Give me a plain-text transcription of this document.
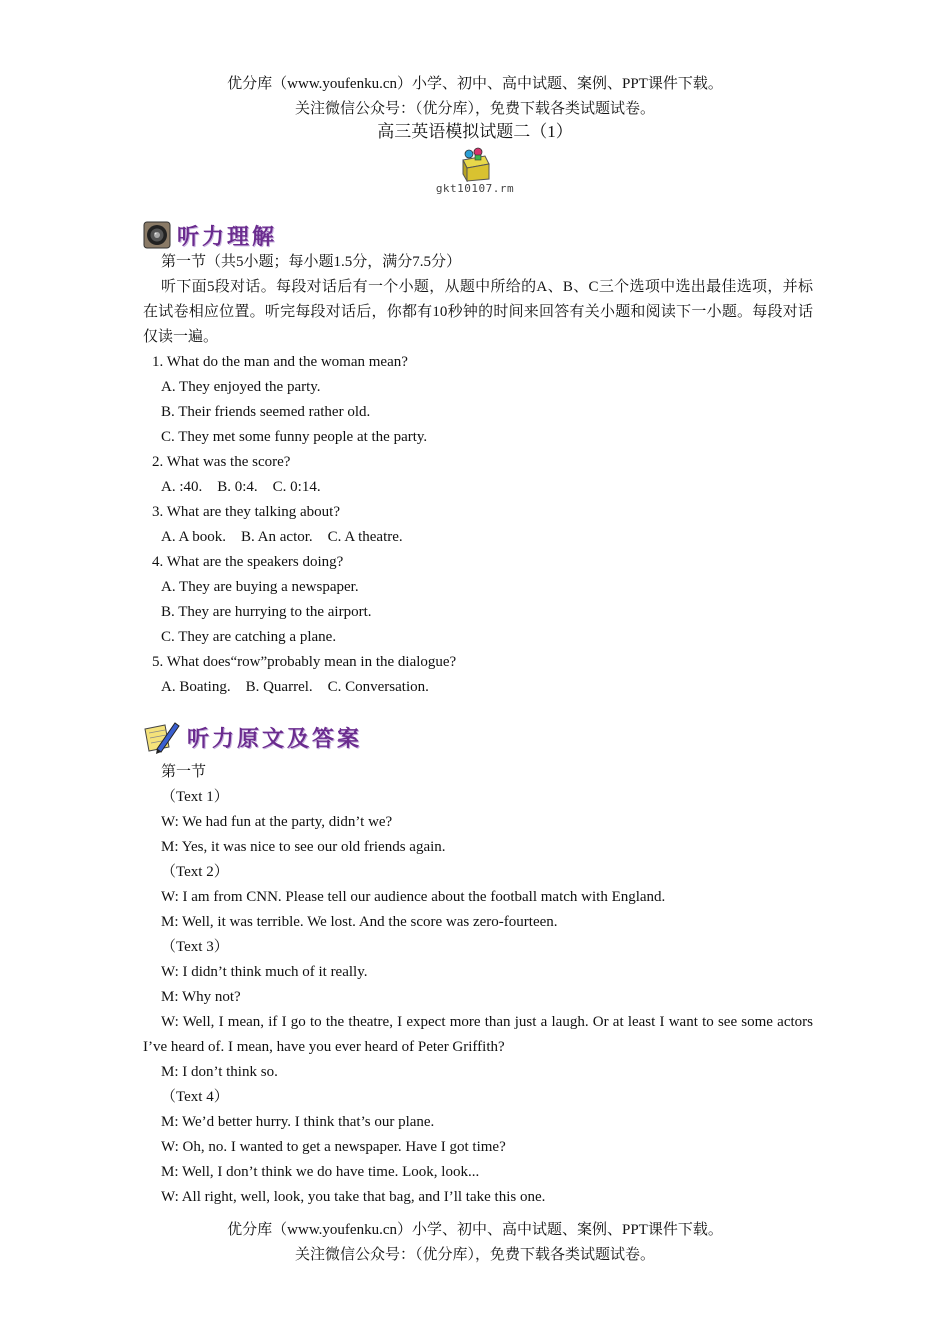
优分库（www.youfenku.cn）小学、初中、高中试题、案例、PPT课件下载。
关注微信公众号：（优分库），免费下载各类试题试卷。
高三英语模拟试题二（1）
gkt10107.rm
听力理解
第一节（共5小题；每小题1.5分，满分7.5分）
听下面5段对话。每段对话后有一个小题，从题中所给的A、B、C三个选项中选出最佳选项，并标在试卷相应位置。听完每段对话后，你都有10秒钟的时间来回答有关小题和阅读下一小题。每段对话仅读一遍。
1. What do the man and the woman mean?
A. They enjoyed the party.
B. Their friends seemed rather old.
C. They met some funny people at the party.
2. What was the score?
A. :40.    B. 0:4.    C. 0:14.
3. What are they talking about?
A. A book.    B. An actor.    C. A theatre.
4. What are the speakers doing?
A. They are buying a newspaper.
B. They are hurrying to the airport.
C. They are catching a plane.
5. What does“row”probably mean in the dialogue?
A. Boating.    B. Quarrel.    C. Conversation.
听力原文及答案
第一节
（Text 1）
W: We had fun at the party, didn’t we?
M: Yes, it was nice to see our old friends again.
（Text 2）
W: I am from CNN. Please tell our audience about the football match with England.
M: Well, it was terrible. We lost. And the score was zero-fourteen.
（Text 3）
W: I didn’t think much of it really.
M: Why not?
W: Well, I mean, if I go to the theatre, I expect more than just a laugh. Or at least I want to see some actors I’ve heard of. I mean, have you ever heard of Peter Griffith?
M: I don’t think so.
（Text 4）
M: We’d better hurry. I think that’s our plane.
W: Oh, no. I wanted to get a newspaper. Have I got time?
M: Well, I don’t think we do have time. Look, look...
W: All right, well, look, you take that bag, and I’ll take this one.
优分库（www.youfenku.cn）小学、初中、高中试题、案例、PPT课件下载。
关注微信公众号：（优分库），免费下载各类试题试卷。
